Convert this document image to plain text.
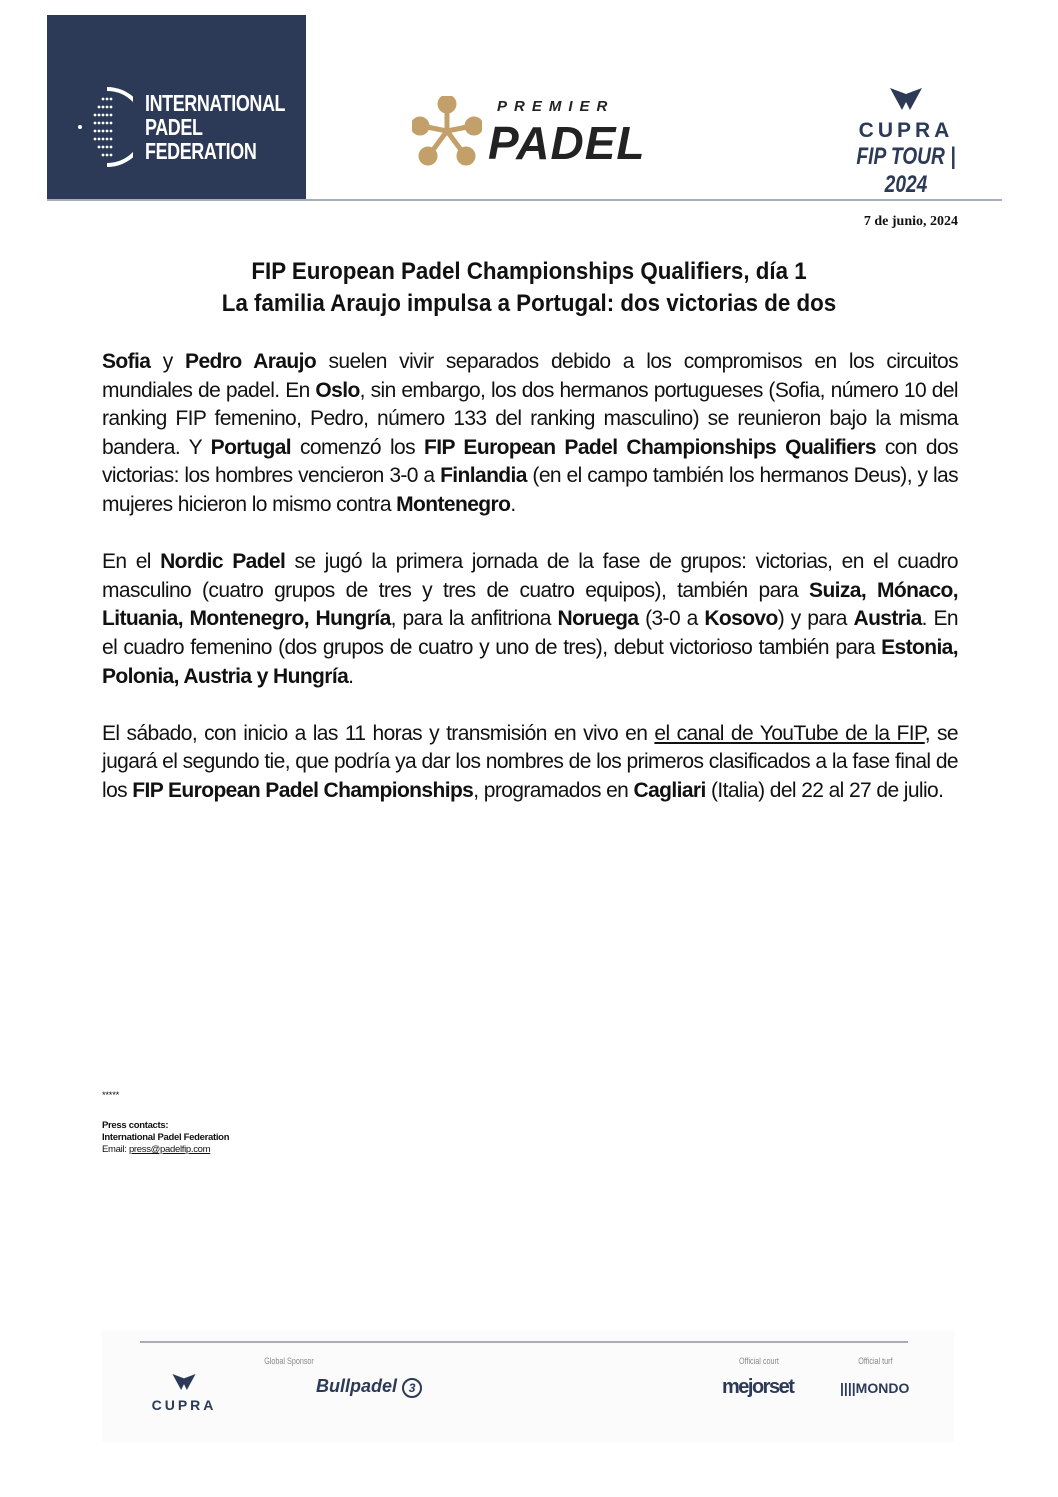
INTERNATIONAL
PADEL
FEDERATION
PREMIER
PADEL	CUPRA
FIP TOUR | 2024
7 de junio, 2024
FIP European Padel Championships Qualifiers, día 1
La familia Araujo impulsa a Portugal: dos victorias de dos

Sofia y Pedro Araujo suelen vivir separados debido a los compromisos en los circuitos mundiales de padel. En Oslo, sin embargo, los dos hermanos portugueses (Sofia, número 10 del ranking FIP femenino, Pedro, número 133 del ranking masculino) se reunieron bajo la misma bandera. Y Portugal comenzó los FIP European Padel Championships Qualifiers con dos victorias: los hombres vencieron 3-0 a Finlandia (en el campo también los hermanos Deus), y las mujeres hicieron lo mismo contra Montenegro.

En el Nordic Padel se jugó la primera jornada de la fase de grupos: victorias, en el cuadro masculino (cuatro grupos de tres y tres de cuatro equipos), también para Suiza, Mónaco, Lituania, Montenegro, Hungría, para la anfitriona Noruega (3-0 a Kosovo) y para Austria. En el cuadro femenino (dos grupos de cuatro y uno de tres), debut victorioso también para Estonia, Polonia, Austria y Hungría.

El sábado, con inicio a las 11 horas y transmisión en vivo en el canal de YouTube de la FIP, se jugará el segundo tie, que podría ya dar los nombres de los primeros clasificados a la fase final de los FIP European Padel Championships, programados en Cagliari (Italia) del 22 al 27 de julio.

*****
Press contacts:
International Padel Federation
Email: press@padelfip.com
CUPRA
Global Sponsor
Bullpadel 3
Official court
mejorset
Official turf
||||MONDO
